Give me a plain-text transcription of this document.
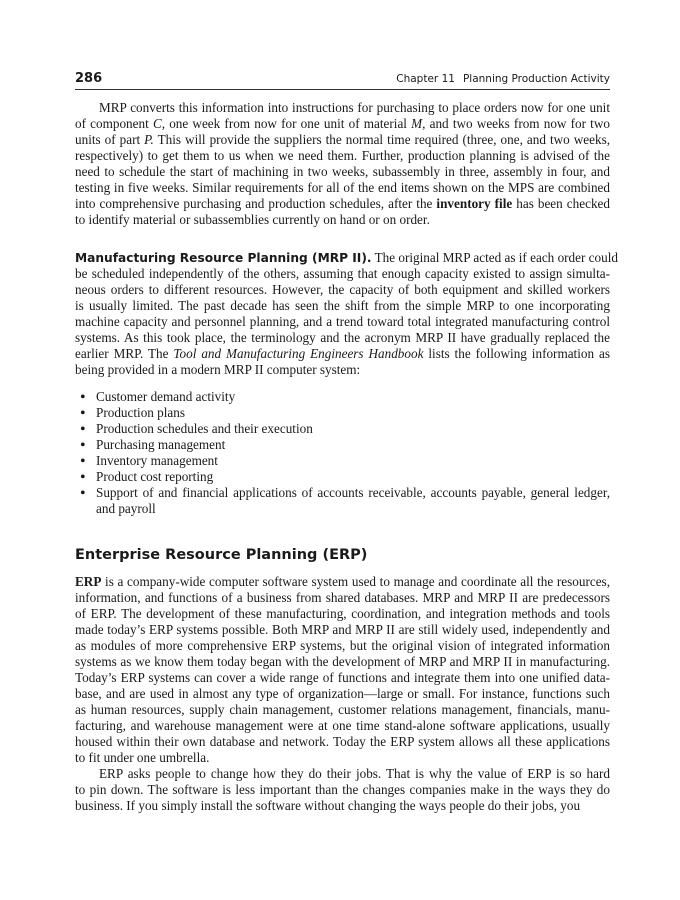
286	Chapter 11 Planning Production Activity
MRP converts this information into instructions for purchasing to place orders now for one unit
of component C, one week from now for one unit of material M, and two weeks from now for two
units of part P. This will provide the suppliers the normal time required (three, one, and two weeks,
respectively) to get them to us when we need them. Further, production planning is advised of the
need to schedule the start of machining in two weeks, subassembly in three, assembly in four, and
testing in five weeks. Similar requirements for all of the end items shown on the MPS are combined
into comprehensive purchasing and production schedules, after the inventory file has been checked
to identify material or subassemblies currently on hand or on order.
Manufacturing Resource Planning (MRP II). The original MRP acted as if each order could
be scheduled independently of the others, assuming that enough capacity existed to assign simulta-
neous orders to different resources. However, the capacity of both equipment and skilled workers
is usually limited. The past decade has seen the shift from the simple MRP to one incorporating
machine capacity and personnel planning, and a trend toward total integrated manufacturing control
systems. As this took place, the terminology and the acronym MRP II have gradually replaced the
earlier MRP. The Tool and Manufacturing Engineers Handbook lists the following information as
being provided in a modern MRP II computer system:
• Customer demand activity
• Production plans
• Production schedules and their execution
• Purchasing management
• Inventory management
• Product cost reporting
• Support of and financial applications of accounts receivable, accounts payable, general ledger,
and payroll
Enterprise Resource Planning (ERP)
ERP is a company-wide computer software system used to manage and coordinate all the resources,
information, and functions of a business from shared databases. MRP and MRP II are predecessors
of ERP. The development of these manufacturing, coordination, and integration methods and tools
made today’s ERP systems possible. Both MRP and MRP II are still widely used, independently and
as modules of more comprehensive ERP systems, but the original vision of integrated information
systems as we know them today began with the development of MRP and MRP II in manufacturing.
Today’s ERP systems can cover a wide range of functions and integrate them into one unified data-
base, and are used in almost any type of organization—large or small. For instance, functions such
as human resources, supply chain management, customer relations management, financials, manu-
facturing, and warehouse management were at one time stand-alone software applications, usually
housed within their own database and network. Today the ERP system allows all these applications
to fit under one umbrella.
ERP asks people to change how they do their jobs. That is why the value of ERP is so hard
to pin down. The software is less important than the changes companies make in the ways they do
business. If you simply install the software without changing the ways people do their jobs, you
